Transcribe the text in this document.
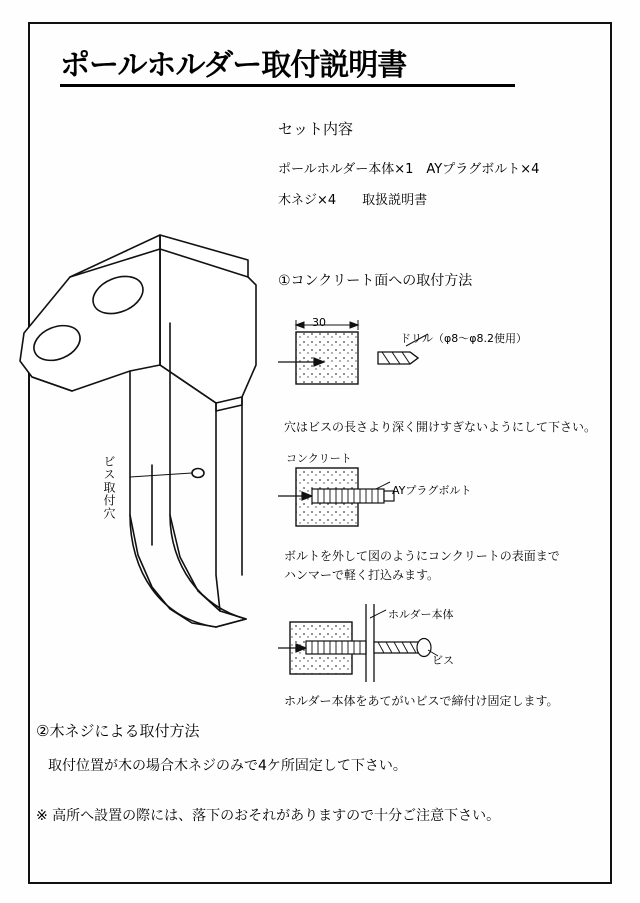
ポールホルダー取付説明書
ビス取付穴
セット内容
ポールホルダー本体×1　AYプラグボルト×4
木ネジ×4　　取扱説明書
①コンクリート面への取付方法
30
ドリル（φ8～φ8.2使用）
穴はビスの長さより深く開けすぎないようにして下さい。
コンクリート
AYプラグボルト
ボルトを外して図のようにコンクリートの表面まで
ハンマーで軽く打込みます。
ホルダー本体
ビス
ホルダー本体をあてがいビスで締付け固定します。
②木ネジによる取付方法
取付位置が木の場合木ネジのみで4ケ所固定して下さい。
※ 高所へ設置の際には、落下のおそれがありますので十分ご注意下さい。
